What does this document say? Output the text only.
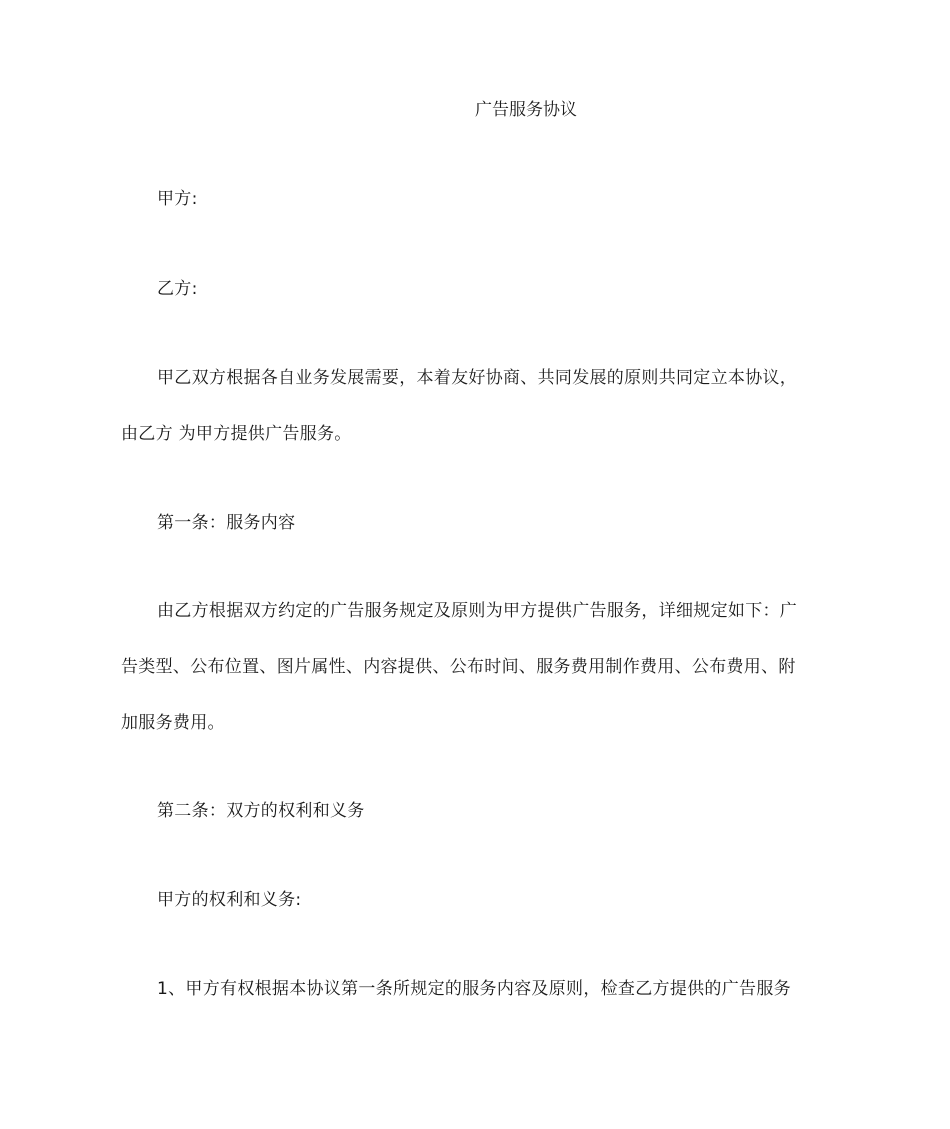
广告服务协议
甲方:
乙方:
甲乙双方根据各自业务发展需要，本着友好协商、共同发展的原则共同定立本协议，
由乙方 为甲方提供广告服务。
第一条：服务内容
由乙方根据双方约定的广告服务规定及原则为甲方提供广告服务，详细规定如下：广
告类型、公布位置、图片属性、内容提供、公布时间、服务费用制作费用、公布费用、附
加服务费用。
第二条：双方的权利和义务
甲方的权利和义务:
1、甲方有权根据本协议第一条所规定的服务内容及原则，检查乙方提供的广告服务
